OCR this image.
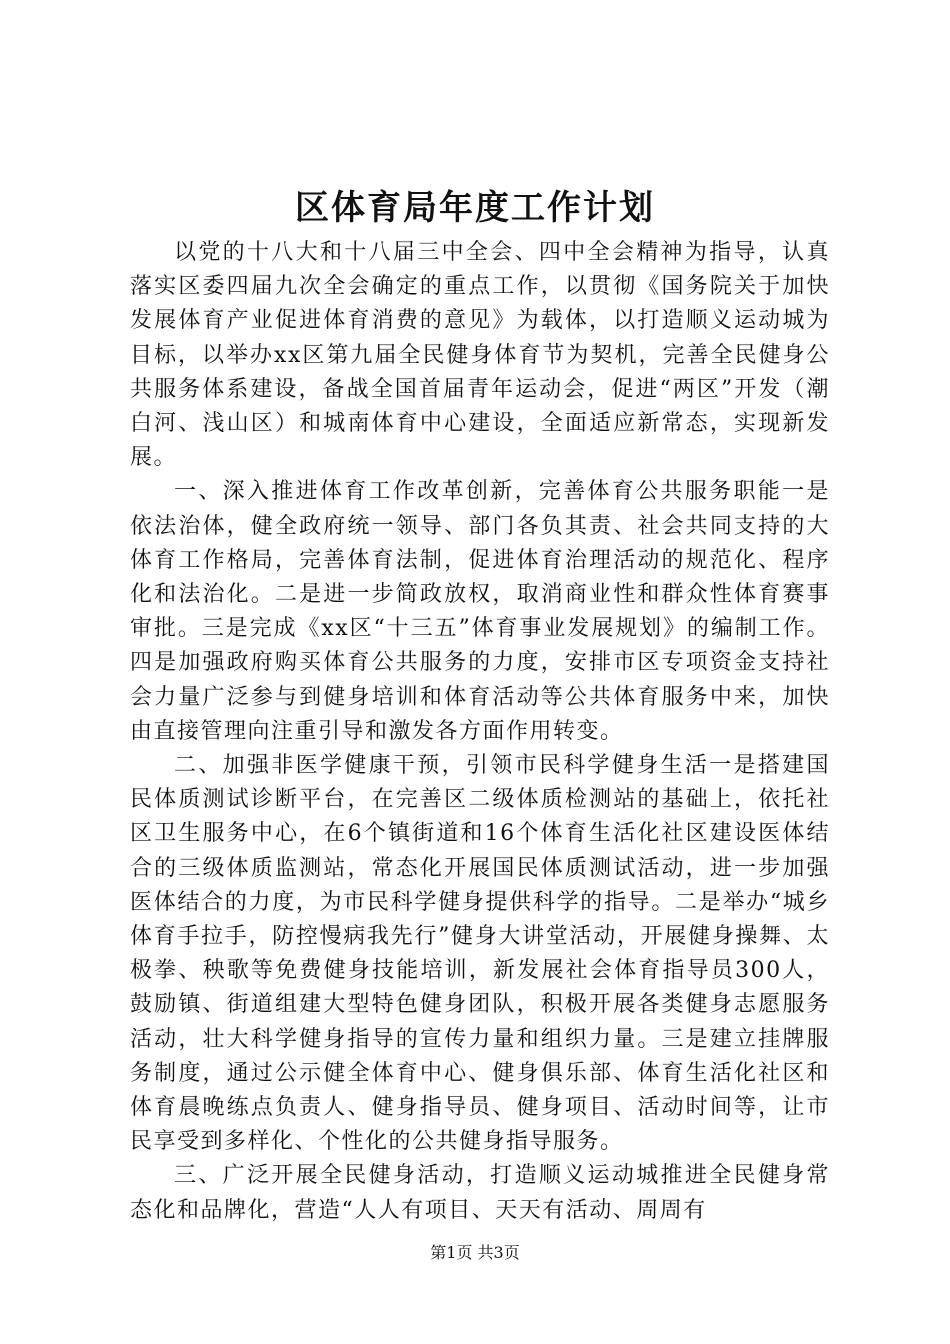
区体育局年度工作计划

以党的十八大和十八届三中全会、四中全会精神为指导，认真落实区委四届九次全会确定的重点工作，以贯彻《国务院关于加快发展体育产业促进体育消费的意见》为载体，以打造顺义运动城为目标，以举办xx区第九届全民健身体育节为契机，完善全民健身公共服务体系建设，备战全国首届青年运动会，促进“两区”开发（潮白河、浅山区）和城南体育中心建设，全面适应新常态，实现新发展。

一、深入推进体育工作改革创新，完善体育公共服务职能一是依法治体，健全政府统一领导、部门各负其责、社会共同支持的大体育工作格局，完善体育法制，促进体育治理活动的规范化、程序化和法治化。二是进一步简政放权，取消商业性和群众性体育赛事审批。三是完成《xx区“十三五”体育事业发展规划》的编制工作。四是加强政府购买体育公共服务的力度，安排市区专项资金支持社会力量广泛参与到健身培训和体育活动等公共体育服务中来，加快由直接管理向注重引导和激发各方面作用转变。

二、加强非医学健康干预，引领市民科学健身生活一是搭建国民体质测试诊断平台，在完善区二级体质检测站的基础上，依托社区卫生服务中心，在6个镇街道和16个体育生活化社区建设医体结合的三级体质监测站，常态化开展国民体质测试活动，进一步加强医体结合的力度，为市民科学健身提供科学的指导。二是举办“城乡体育手拉手，防控慢病我先行”健身大讲堂活动，开展健身操舞、太极拳、秧歌等免费健身技能培训，新发展社会体育指导员300人，鼓励镇、街道组建大型特色健身团队，积极开展各类健身志愿服务活动，壮大科学健身指导的宣传力量和组织力量。三是建立挂牌服务制度，通过公示健全体育中心、健身俱乐部、体育生活化社区和体育晨晚练点负责人、健身指导员、健身项目、活动时间等，让市民享受到多样化、个性化的公共健身指导服务。

三、广泛开展全民健身活动，打造顺义运动城推进全民健身常态化和品牌化，营造“人人有项目、天天有活动、周周有

第1页 共3页
